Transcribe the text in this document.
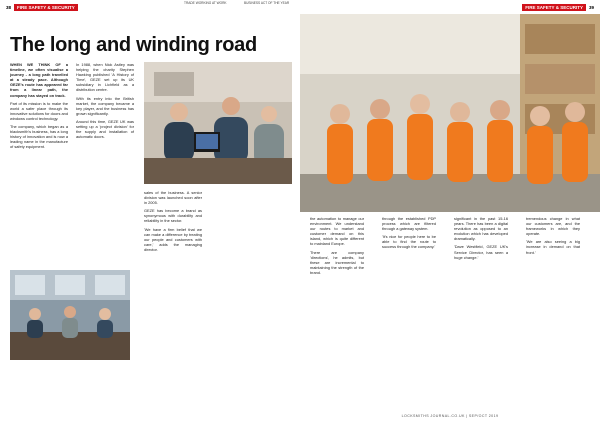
38	FIRE SAFETY & SECURITY
TRADE WORKING AT WORK	BUSINESS ACT OF THE YEAR
The long and winding road

WHEN WE THINK OF a timeline, we often visualise a journey - a long path travelled at a steady pace. Although GEZE's route has appeared far from a linear path, the company has stayed on track.

Part of its mission is to make the world a safer place through its innovative solutions for doors and windows control technology.

The company, which began as a blacksmith's business, has a long history of innovation and is now a leading name in the manufacture of safety equipment.

In 1988, when Nick Astley was helping the charity Stephen Hawking published 'A History of Time', GEZE set up its UK subsidiary in Lichfield as a distribution centre.

With its entry into the British market, the company became a key player, and the business has grown significantly.

Around this time, GEZE UK was setting up a 'project division' for the supply and installation of automatic doors.

sales of the business. A senior division was launched soon after in 2005.

GEZE has become a brand as synonymous with durability and reliability in the sector.

'We have a firm belief that we can make a difference by treating our people and customers with care,' adds the managing director.

FIRE SAFETY & SECURITY	39

the automation to manage our environment. We understand our routes to market and customer demand on this island, which is quite different to mainland Europe.

There are company 'directions', he admits, but these are incremental to maintaining the strength of the brand.

through the established PDP process which are filtered through a gateway system.

'It's nice for people here to be able to find the route to success through the company.'

significant in the past 15-16 years. There has been a digital revolution as opposed to an evolution which has developed dramatically.

'Dave Westfield, GEZE UK's Service Director, has seen a huge change.'

tremendous change in what our customers are, and the frameworks in which they operate.

'We are also seeing a big increase in demand on that front.'

LOCKSMITHS JOURNAL.CO.UK | SEP/OCT 2019
